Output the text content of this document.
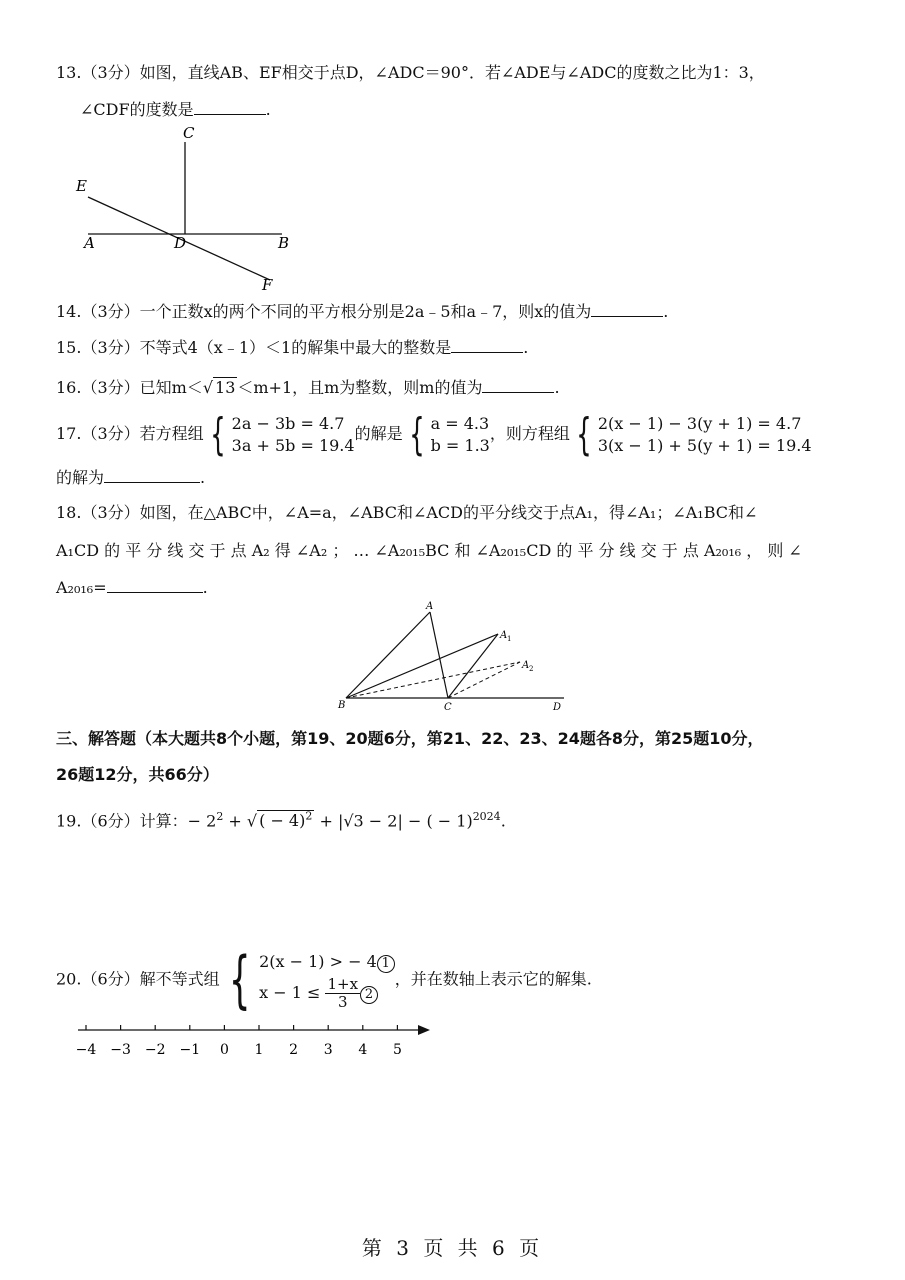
13.（3分）如图，直线AB、EF相交于点D，∠ADC＝90°．若∠ADE与∠ADC的度数之比为1：3，
∠CDF的度数是	.
C
E
A	D	B
F
14.（3分）一个正数x的两个不同的平方根分别是2a﹣5和a﹣7，则x的值为	.
15.（3分）不等式4（x﹣1）＜1的解集中最大的整数是	.
16.（3分）已知m＜√ 13 ＜m+1，且m为整数，则m的值为	.
17.（3分）若方程组 { 2a − 3b = 4.7
3a + 5b = 19.4
的解是 { a = 4.3
b = 1.3
，则方程组 { 2(x − 1) − 3(y + 1) = 4.7
3(x − 1) + 5(y + 1) = 19.4
的解为	.
18.（3分）如图，在△ABC中，∠A=a，∠ABC和∠ACD的平分线交于点A₁，得∠A₁；∠A₁BC和∠
A₁CD 的 平 分 线 交 于 点 A₂ 得 ∠A₂ ； … ∠A₂₀₁₅BC 和 ∠A₂₀₁₅CD 的 平 分 线 交 于 点 A₂₀₁₆ ， 则 ∠
A₂₀₁₆=	.
A
A 1
A 2
B	C	D
三、解答题（本大题共8个小题，第19、20题6分，第21、22、23、24题各8分，第25题10分，
26题12分，共66分）
19.（6分）计算：− $2^2$ + √ ( − 4)$^2$ + |√3 − 2| − ( − 1)$^{2024}$.
20.（6分）解不等式组 { 2(x − 1) > − 4 1
$x - 1 \le \frac{1+x}{3} 2$
，并在数轴上表示它的解集.
−4 −3 −2 −1 0 1 2 3 4 5
第 3 页 共 6 页
